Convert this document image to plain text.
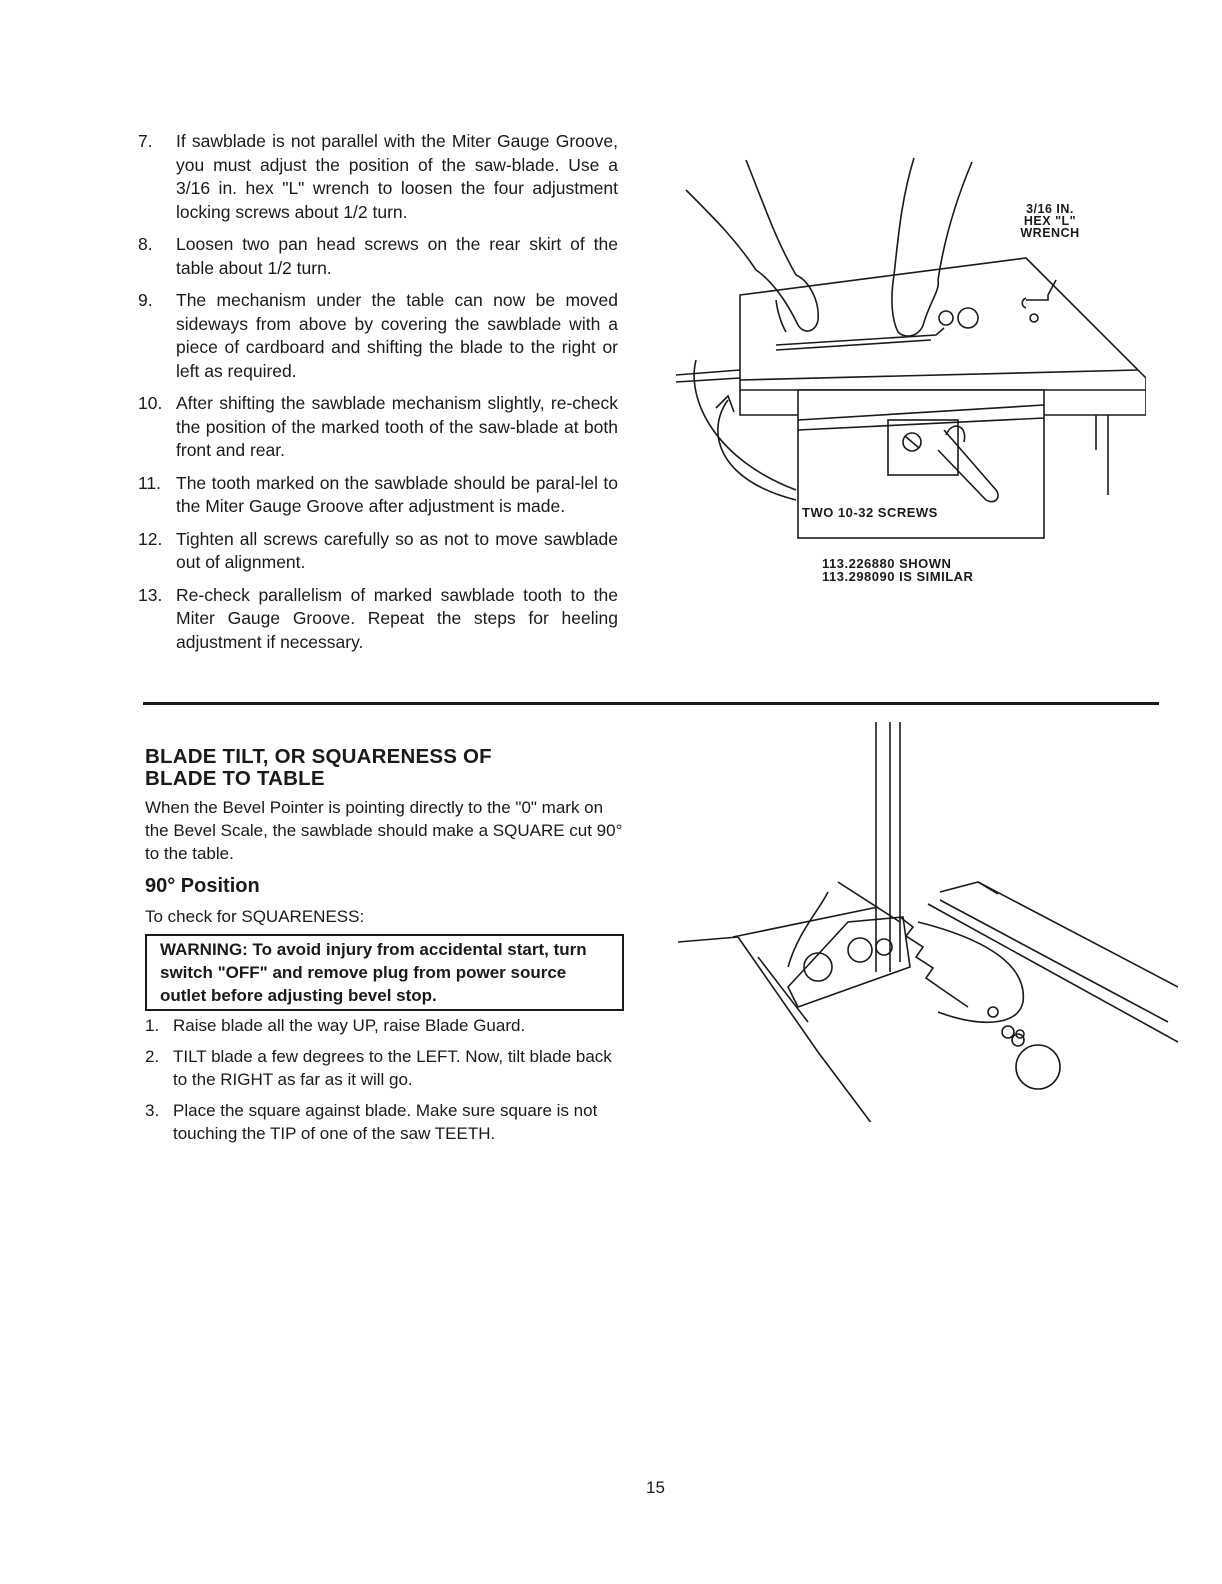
7. If sawblade is not parallel with the Miter Gauge Groove, you must adjust the position of the saw-blade. Use a 3/16 in. hex "L" wrench to loosen the four adjustment locking screws about 1/2 turn.
8. Loosen two pan head screws on the rear skirt of the table about 1/2 turn.
9. The mechanism under the table can now be moved sideways from above by covering the sawblade with a piece of cardboard and shifting the blade to the right or left as required.
10. After shifting the sawblade mechanism slightly, re-check the position of the marked tooth of the saw-blade at both front and rear.
11. The tooth marked on the sawblade should be paral-lel to the Miter Gauge Groove after adjustment is made.
12. Tighten all screws carefully so as not to move sawblade out of alignment.
13. Re-check parallelism of marked sawblade tooth to the Miter Gauge Groove. Repeat the steps for heeling adjustment if necessary.
3/16 IN.
HEX "L"
WRENCH
TWO 10-32 SCREWS
113.226880 SHOWN
113.298090 IS SIMILAR
BLADE TILT, OR SQUARENESS OF
BLADE TO TABLE

When the Bevel Pointer is pointing directly to the "0" mark on the Bevel Scale, the sawblade should make a SQUARE cut 90° to the table.

90° Position

To check for SQUARENESS:

WARNING: To avoid injury from accidental start, turn switch "OFF" and remove plug from power source outlet before adjusting bevel stop.
1. Raise blade all the way UP, raise Blade Guard.
2. TILT blade a few degrees to the LEFT. Now, tilt blade back to the RIGHT as far as it will go.
3. Place the square against blade. Make sure square is not touching the TIP of one of the saw TEETH.
15
